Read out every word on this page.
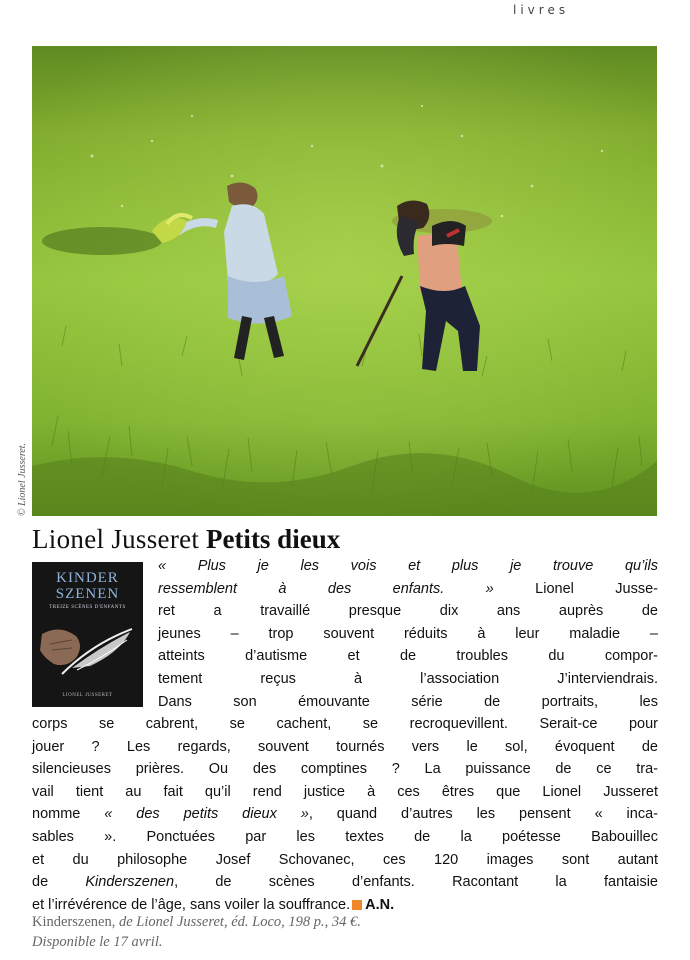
livres
© Lionel Jusseret.
Lionel Jusseret Petits dieux
KINDER
SZENEN
TREIZE SCÈNES D'ENFANTS
LIONEL JUSSERET
« Plus je les vois et plus je trouve qu’ils
ressemblent à des enfants. » Lionel Jusse-
ret a travaillé presque dix ans auprès de
jeunes – trop souvent réduits à leur maladie –
atteints d’autisme et de troubles du compor-
tement reçus à l’association J’interviendrais.
Dans son émouvante série de portraits, les
corps se cabrent, se cachent, se recroquevillent. Serait-ce pour
jouer ? Les regards, souvent tournés vers le sol, évoquent de
silencieuses prières. Ou des comptines ? La puissance de ce tra-
vail tient au fait qu’il rend justice à ces êtres que Lionel Jusseret
nomme « des petits dieux », quand d’autres les pensent « inca-
sables ». Ponctuées par les textes de la poétesse Babouillec
et du philosophe Josef Schovanec, ces 120 images sont autant
de Kinderszenen, de scènes d’enfants. Racontant la fantaisie
et l’irrévérence de l’âge, sans voiler la souffrance. A.N.
Kinderszenen, de Lionel Jusseret, éd. Loco, 198 p., 34 €.
Disponible le 17 avril.
